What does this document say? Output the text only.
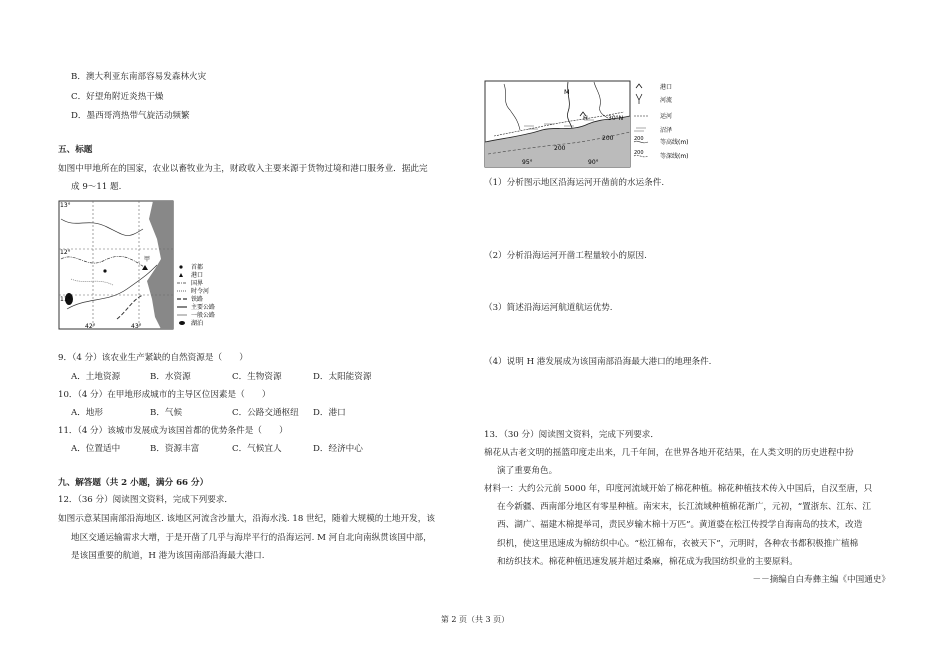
B．澳大利亚东南部容易发森林火灾
C．好望角附近炎热干燥
D．墨西哥湾热带气旋活动频繁
五、标题
如图中甲地所在的国家，农业以畜牧业为主，财政收入主要来源于货物过境和港口服务业．据此完
成 9～11 题.
13°
12°
11°
42°	43°
甲
首都
港口
国界
时令河
铁路
主要公路
一般公路
湖泊
9．（4 分）该农业生产紧缺的自然资源是（　　）
A．土地资源	B．水资源	C．生物资源	D．太阳能资源
10．（4 分）在甲地形成城市的主导区位因素是（　　）
A．地形	B．气候	C．公路交通枢纽 D．港口
11．（4 分）该城市发展成为该国首都的优势条件是（　　）
A．位置适中	B．资源丰富	C．气候宜人	D．经济中心
九、解答题（共 2 小题，满分 66 分）
12．（36 分）阅读图文资料，完成下列要求．
如图示意某国南部沿海地区. 该地区河流含沙量大，沿海水浅. 18 世纪，随着大规模的土地开发，该
地区交通运输需求大增，于是开凿了几乎与海岸平行的沿海运河. M 河自北向南纵贯该国中部，
是该国重要的航道，H 港为该国南部沿海最大港口.
M
H	30°N
95°	90°
200
200	200
200
港口
河流
运河
沼泽
等高线(m)
等深线(m)
（1）分析图示地区沿海运河开凿前的水运条件.
（2）分析沿海运河开凿工程量较小的原因.
（3）简述沿海运河航道航运优势.
（4）说明 H 港发展成为该国南部沿海最大港口的地理条件.
13．（30 分）阅读图文资料，完成下列要求．
棉花从古老文明的摇篮印度走出来，几千年间，在世界各地开花结果，在人类文明的历史进程中扮
演了重要角色。
材料一：大约公元前 5000 年，印度河流域开始了棉花种植。棉花种植技术传入中国后，自汉至唐，只
在今新疆、西南部分地区有零星种植。南宋末，长江流域种植棉花渐广，元初，“置浙东、江东、江
西、湖广、福建木棉提举司，责民岁输木棉十万匹”。黄道婆在松江传授学自海南岛的技术，改造
织机，使这里迅速成为棉纺织中心。“松江棉布，衣被天下”，元明时，各种农书都积极推广植棉
和纺织技术。棉花种植迅速发展并超过桑麻，棉花成为我国纺织业的主要原料。
－－摘编自白寿彝主编《中国通史》
第 2 页（共 3 页）
